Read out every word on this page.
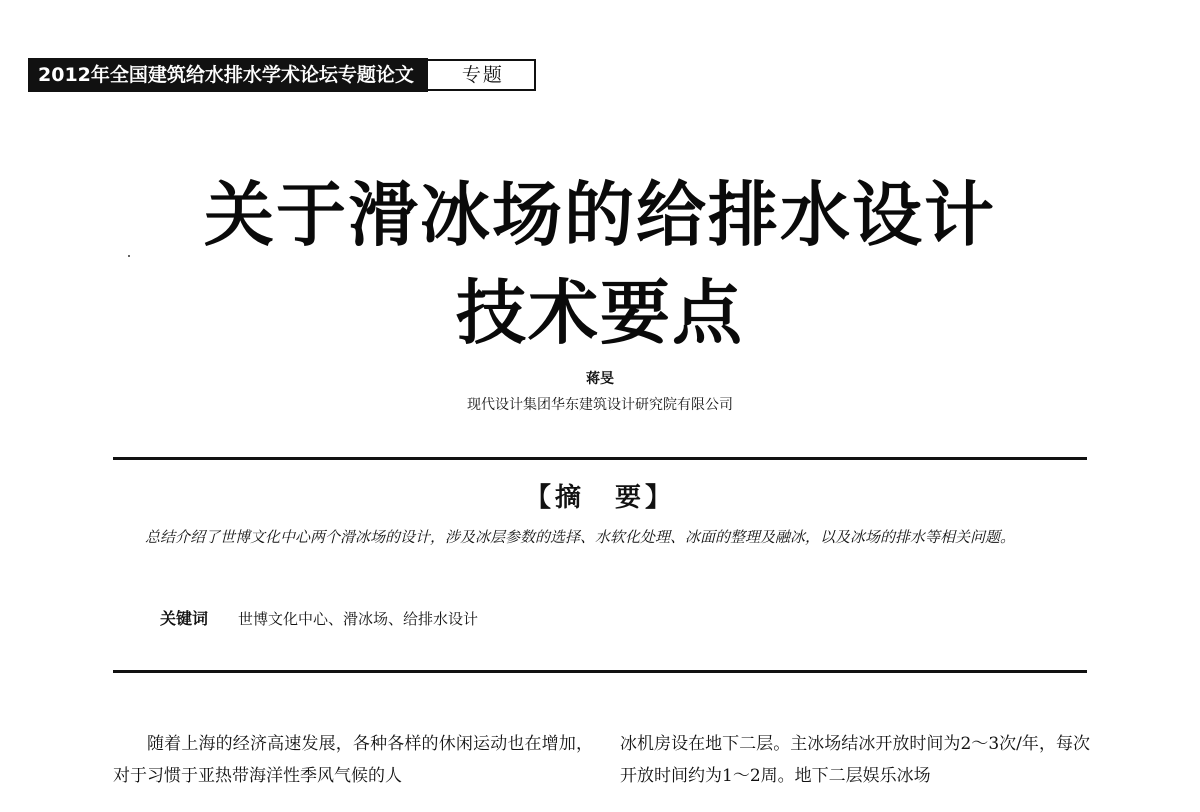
2012年全国建筑给水排水学术论坛专题论文	专题
关于滑冰场的给排水设计
技术要点
蒋旻
现代设计集团华东建筑设计研究院有限公司
【摘　要】
总结介绍了世博文化中心两个滑冰场的设计，涉及冰层参数的选择、水软化处理、冰面的整理及融冰，以及冰场的排水等相关问题。
关键词 世博文化中心、滑冰场、给排水设计
随着上海的经济高速发展，各种各样的休闲运动也在增加，对于习惯于亚热带海洋性季风气候的人
冰机房设在地下二层。主冰场结冰开放时间为2～3次/年，每次开放时间约为1～2周。地下二层娱乐冰场
